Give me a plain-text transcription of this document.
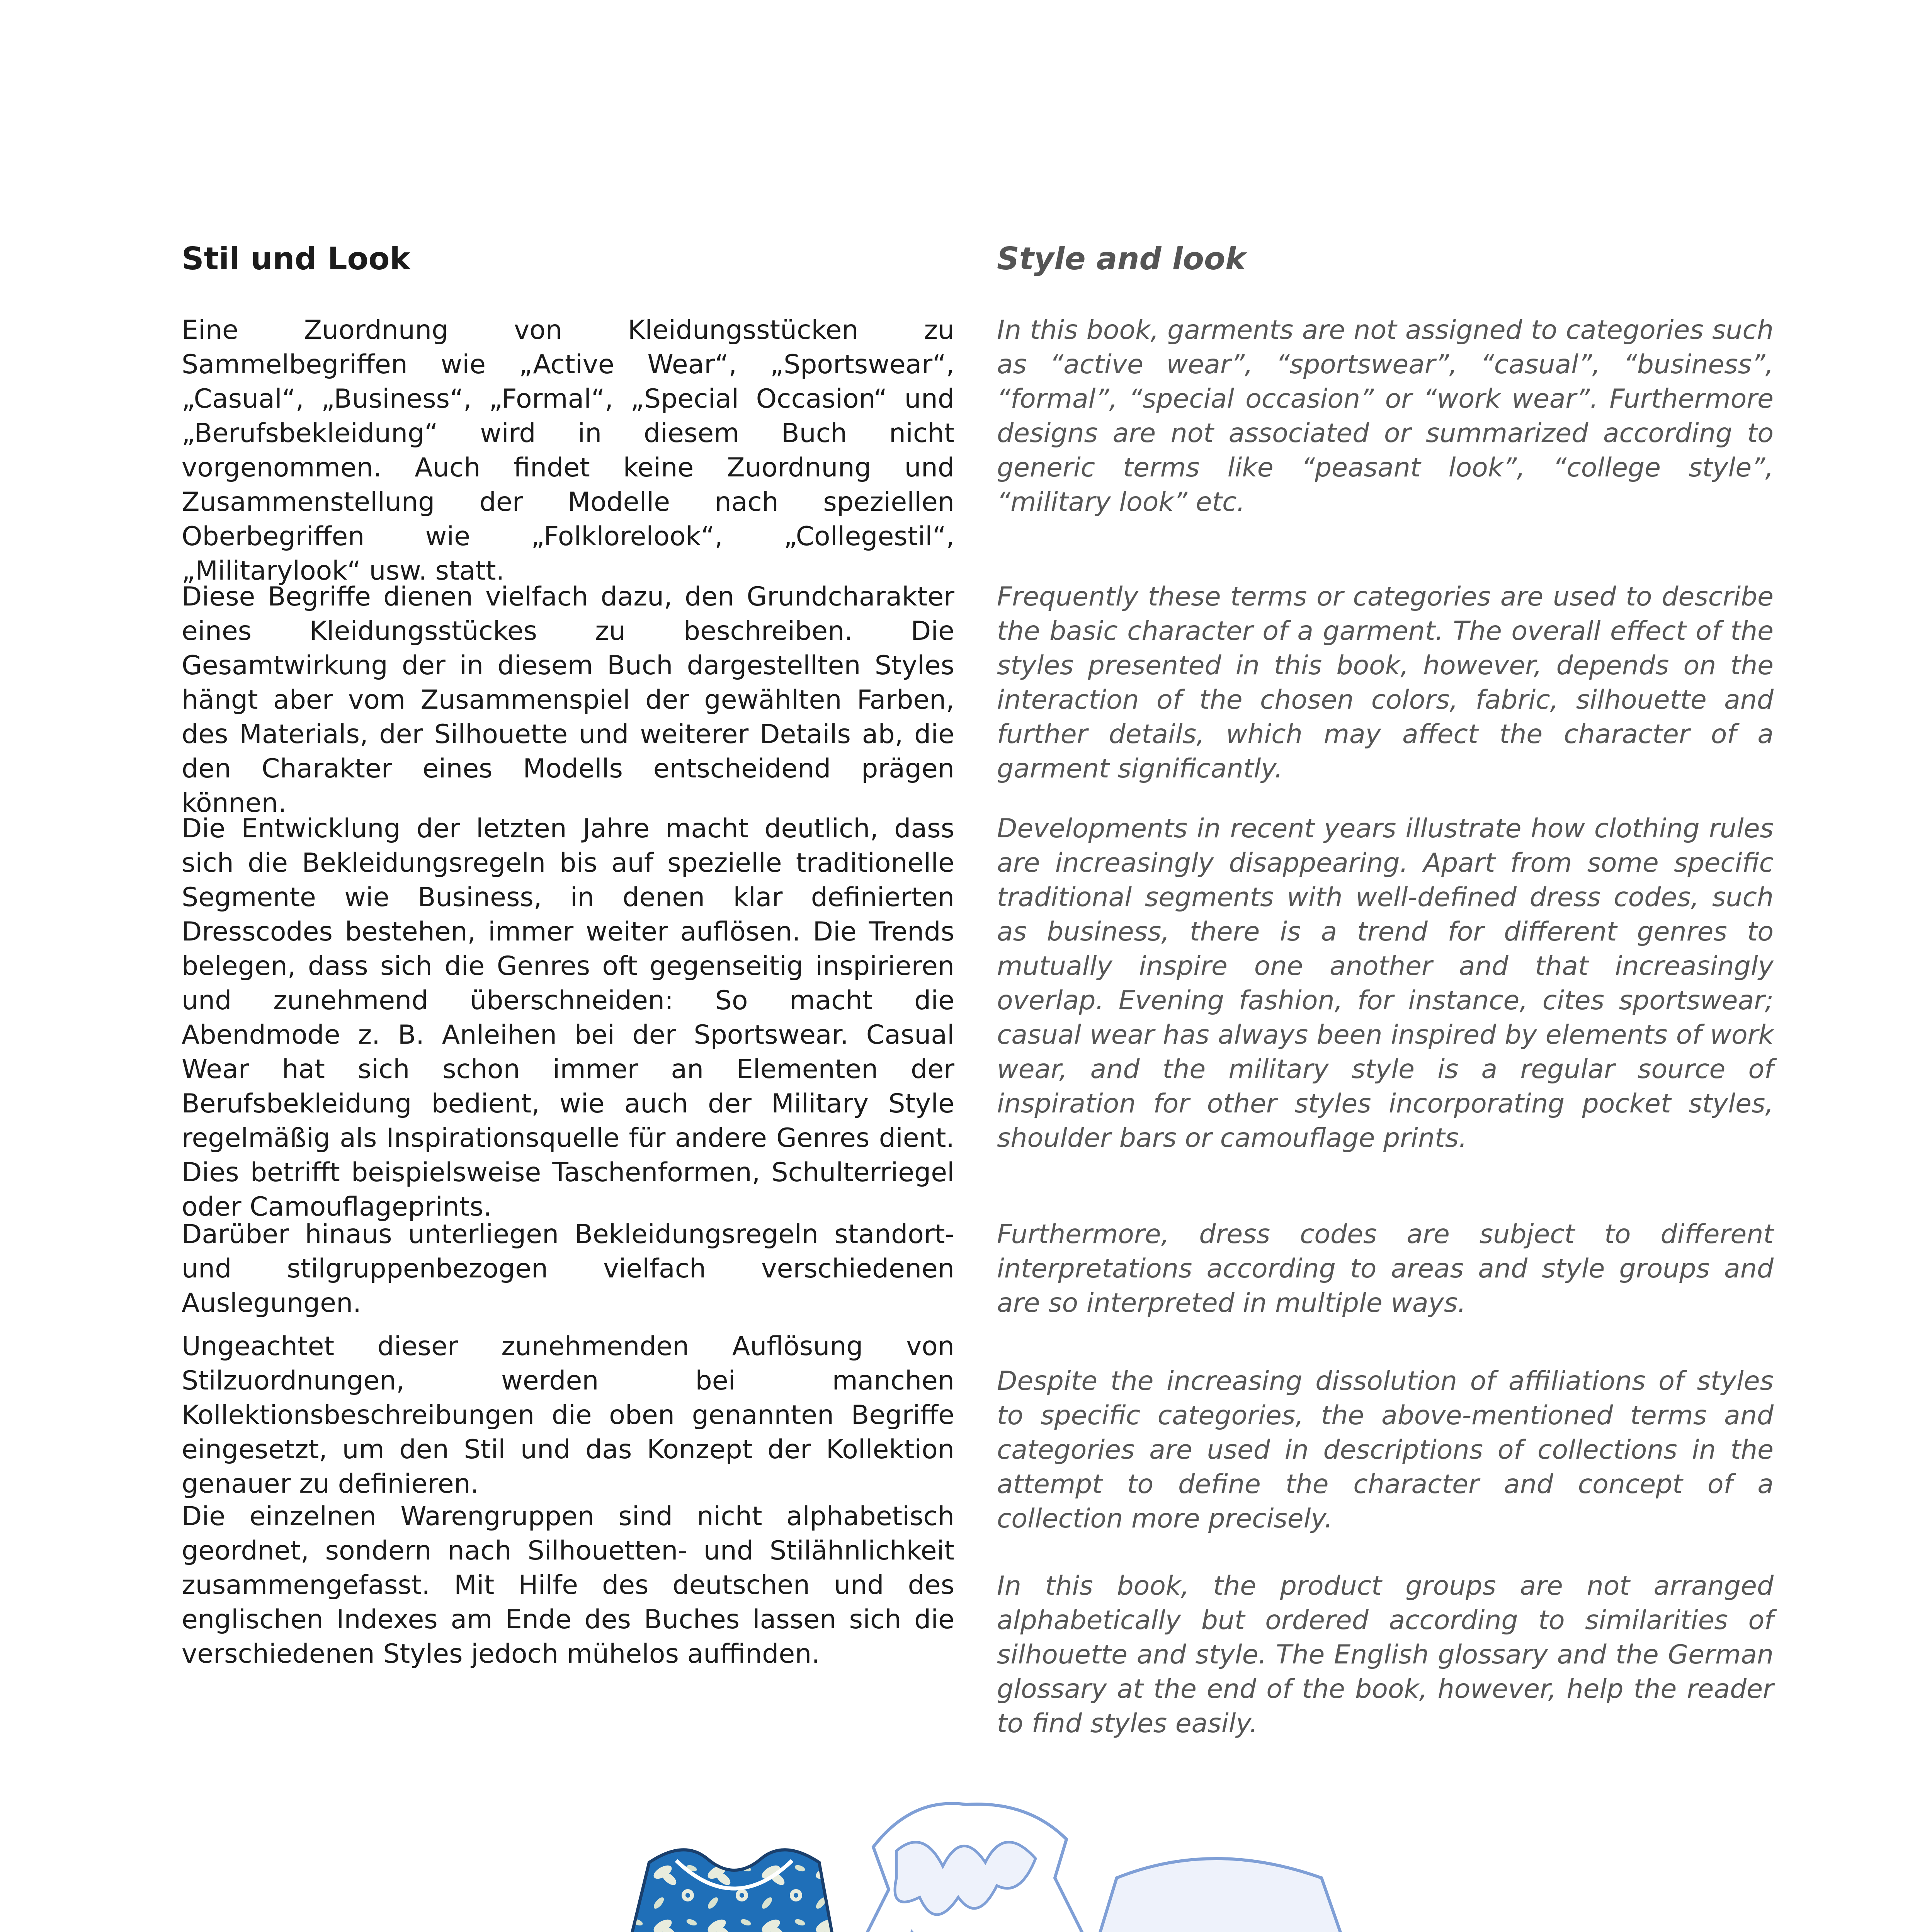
Stil und Look

Eine Zuordnung von Kleidungsstücken zu Sammelbegriffen wie „Active Wear“, „Sportswear“, „Casual“, „Business“, „Formal“, „Special Occasion“ und „Berufsbekleidung“ wird in diesem Buch nicht vorgenommen. Auch findet keine Zuordnung und Zusammenstellung der Modelle nach speziellen Oberbegriffen wie „Folklorelook“, „Collegestil“, „Militarylook“ usw. statt.

Diese Begriffe dienen vielfach dazu, den Grundcharakter eines Kleidungsstückes zu beschreiben. Die Gesamtwirkung der in diesem Buch dargestellten Styles hängt aber vom Zusammenspiel der gewählten Farben, des Materials, der Silhouette und weiterer Details ab, die den Charakter eines Modells entscheidend prägen können.

Die Entwicklung der letzten Jahre macht deutlich, dass sich die Bekleidungsregeln bis auf spezielle traditionelle Segmente wie Business, in denen klar definierten Dresscodes bestehen, immer weiter auflösen. Die Trends belegen, dass sich die Genres oft gegenseitig inspirieren und zunehmend überschneiden: So macht die Abendmode z. B. Anleihen bei der Sportswear. Casual Wear hat sich schon immer an Elementen der Berufsbekleidung bedient, wie auch der Military Style regelmäßig als Inspirationsquelle für andere Genres dient. Dies betrifft beispielsweise Taschenformen, Schulterriegel oder Camouflageprints.

Darüber hinaus unterliegen Bekleidungsregeln standort- und stilgruppenbezogen vielfach verschiedenen Auslegungen.

Ungeachtet dieser zunehmenden Auflösung von Stilzuordnungen, werden bei manchen Kollektionsbeschreibungen die oben genannten Begriffe eingesetzt, um den Stil und das Konzept der Kollektion genauer zu definieren.

Die einzelnen Warengruppen sind nicht alphabetisch geordnet, sondern nach Silhouetten- und Stilähnlichkeit zusammengefasst. Mit Hilfe des deutschen und des englischen Indexes am Ende des Buches lassen sich die verschiedenen Styles jedoch mühelos auffinden.

Style and look

In this book, garments are not assigned to categories such as “active wear”, “sportswear”, “casual”, “business”, “formal”, “special occasion” or “work wear”. Furthermore designs are not associated or summarized according to generic terms like “peasant look”, “college style”, “military look” etc.

Frequently these terms or categories are used to describe the basic character of a garment. The overall effect of the styles presented in this book, however, depends on the interaction of the chosen colors, fabric, silhouette and further details, which may affect the character of a garment significantly.

Developments in recent years illustrate how clothing rules are increasingly disappearing. Apart from some specific traditional segments with well-defined dress codes, such as business, there is a trend for different genres to mutually inspire one another and that increasingly overlap. Evening fashion, for instance, cites sportswear; casual wear has always been inspired by elements of work wear, and the military style is a regular source of inspiration for other styles incorporating pocket styles, shoulder bars or camouflage prints.

Furthermore, dress codes are subject to different interpretations according to areas and style groups and are so interpreted in multiple ways.

Despite the increasing dissolution of affiliations of styles to specific categories, the above-mentioned terms and categories are used in descriptions of collections in the attempt to define the character and concept of a collection more precisely.

In this book, the product groups are not arranged alphabetically but ordered according to similarities of silhouette and style. The English glossary and the German glossary at the end of the book, however, help the reader to find styles easily.
